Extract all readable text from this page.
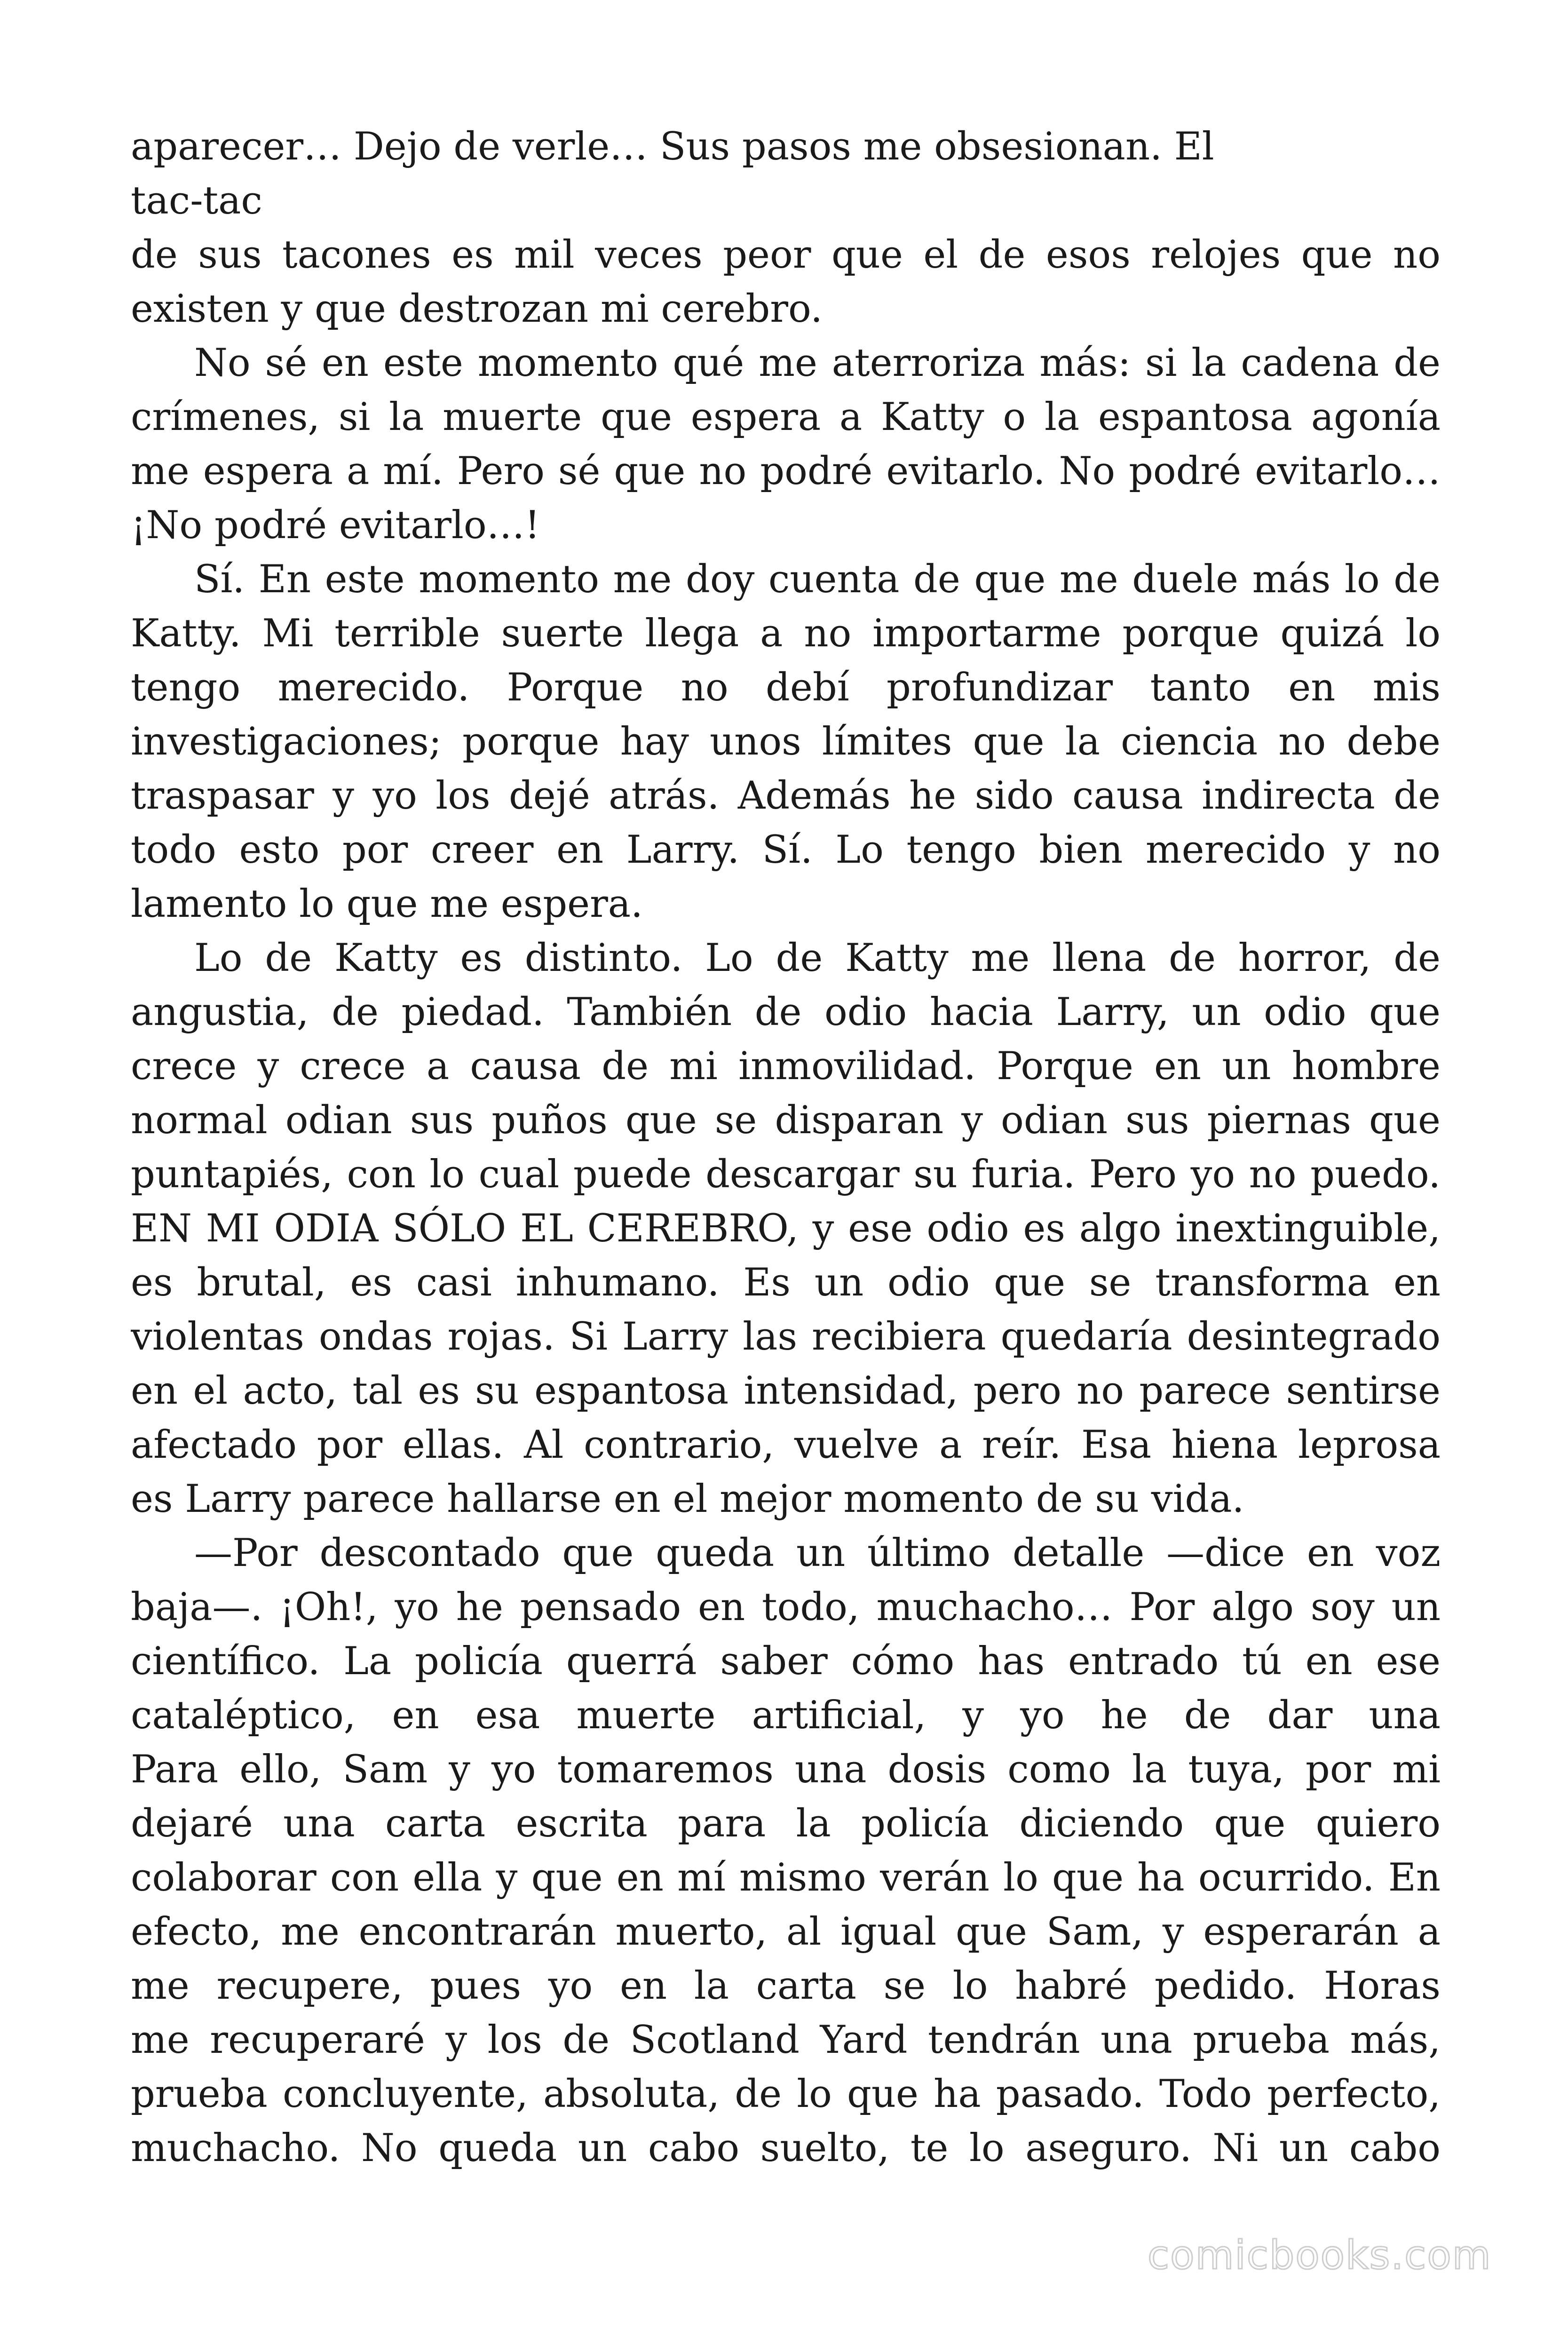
aparecer… Dejo de verle… Sus pasos me obsesionan. El
tac-tac
de sus tacones es mil veces peor que el de esos relojes que no
existen y que destrozan mi cerebro.
No sé en este momento qué me aterroriza más: si la cadena de
crímenes, si la muerte que espera a Katty o la espantosa agonía
me espera a mí. Pero sé que no podré evitarlo. No podré evitarlo…
¡No podré evitarlo…!
Sí. En este momento me doy cuenta de que me duele más lo de
Katty. Mi terrible suerte llega a no importarme porque quizá lo
tengo merecido. Porque no debí profundizar tanto en mis
investigaciones; porque hay unos límites que la ciencia no debe
traspasar y yo los dejé atrás. Además he sido causa indirecta de
todo esto por creer en Larry. Sí. Lo tengo bien merecido y no
lamento lo que me espera.
Lo de Katty es distinto. Lo de Katty me llena de horror, de
angustia, de piedad. También de odio hacia Larry, un odio que
crece y crece a causa de mi inmovilidad. Porque en un hombre
normal odian sus puños que se disparan y odian sus piernas que
puntapiés, con lo cual puede descargar su furia. Pero yo no puedo.
EN MI ODIA SÓLO EL CEREBRO, y ese odio es algo inextinguible,
es brutal, es casi inhumano. Es un odio que se transforma en
violentas ondas rojas. Si Larry las recibiera quedaría desintegrado
en el acto, tal es su espantosa intensidad, pero no parece sentirse
afectado por ellas. Al contrario, vuelve a reír. Esa hiena leprosa
es Larry parece hallarse en el mejor momento de su vida.
—Por descontado que queda un último detalle —dice en voz
baja—. ¡Oh!, yo he pensado en todo, muchacho… Por algo soy un
científico. La policía querrá saber cómo has entrado tú en ese
cataléptico, en esa muerte artificial, y yo he de dar una
Para ello, Sam y yo tomaremos una dosis como la tuya, por mi
dejaré una carta escrita para la policía diciendo que quiero
colaborar con ella y que en mí mismo verán lo que ha ocurrido. En
efecto, me encontrarán muerto, al igual que Sam, y esperarán a
me recupere, pues yo en la carta se lo habré pedido. Horas
me recuperaré y los de Scotland Yard tendrán una prueba más,
prueba concluyente, absoluta, de lo que ha pasado. Todo perfecto,
muchacho. No queda un cabo suelto, te lo aseguro. Ni un cabo
comicbooks.com
